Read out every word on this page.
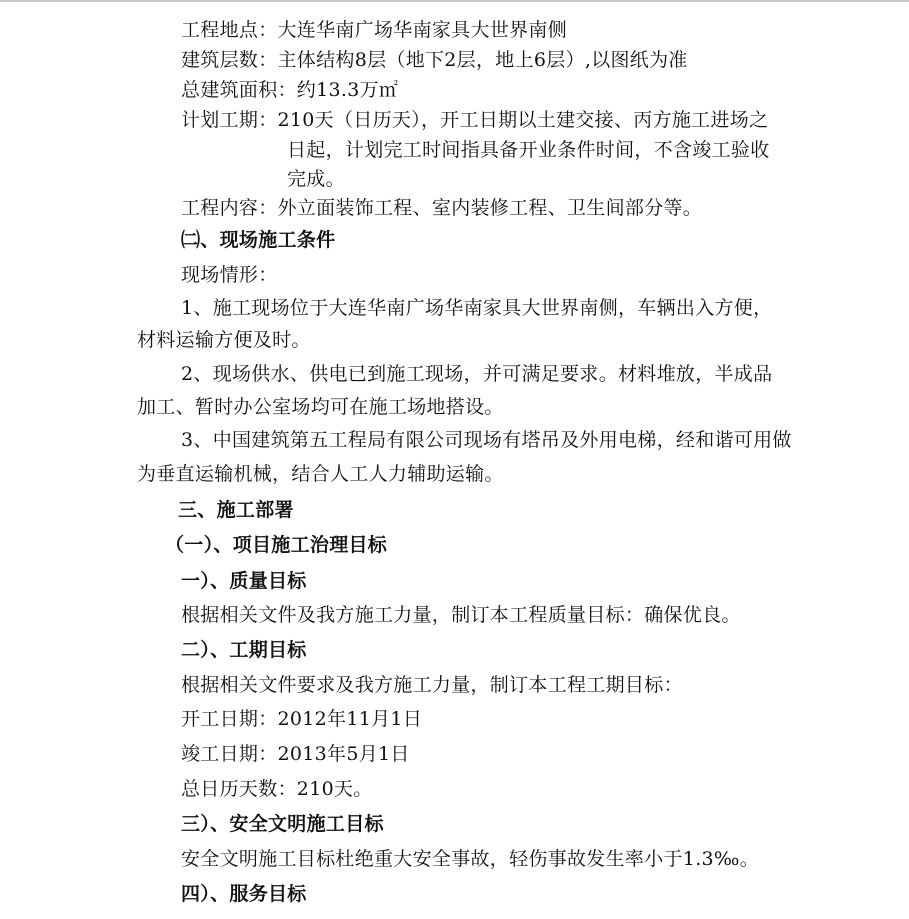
工程地点：大连华南广场华南家具大世界南侧
建筑层数：主体结构8层（地下2层，地上6层）,以图纸为准
总建筑面积：约13.3万㎡
计划工期：210天（日历天），开工日期以土建交接、丙方施工进场之
日起，计划完工时间指具备开业条件时间，不含竣工验收
完成。
工程内容：外立面装饰工程、室内装修工程、卫生间部分等。
㈡、现场施工条件
现场情形：
1、施工现场位于大连华南广场华南家具大世界南侧，车辆出入方便，
材料运输方便及时。
2、现场供水、供电已到施工现场，并可满足要求。材料堆放，半成品
加工、暂时办公室场均可在施工场地搭设。
3、中国建筑第五工程局有限公司现场有塔吊及外用电梯，经和谐可用做
为垂直运输机械，结合人工人力辅助运输。
三、施工部署
（一）、项目施工治理目标
一）、质量目标
根据相关文件及我方施工力量，制订本工程质量目标：确保优良。
二）、工期目标
根据相关文件要求及我方施工力量，制订本工程工期目标：
开工日期：2012年11月1日
竣工日期：2013年5月1日
总日历天数：210天。
三）、安全文明施工目标
安全文明施工目标杜绝重大安全事故，轻伤事故发生率小于1.3‰。
四）、服务目标
